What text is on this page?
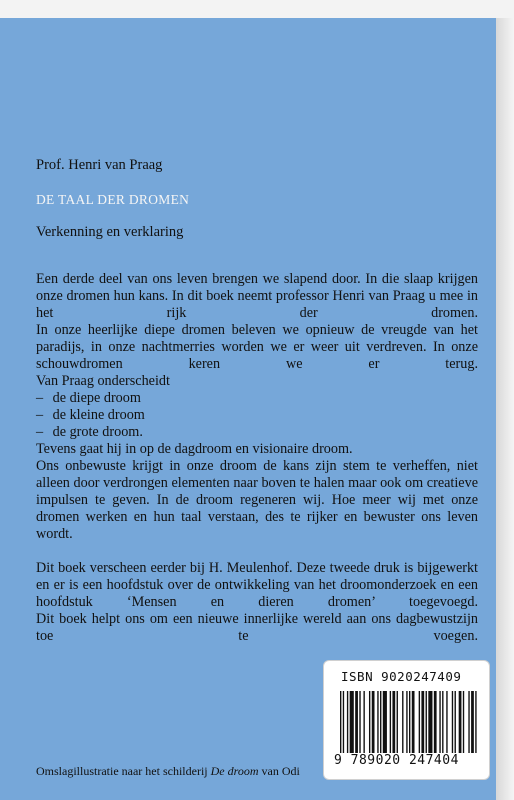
Prof. Henri van Praag
DE TAAL DER DROMEN
Verkenning en verklaring

Een derde deel van ons leven brengen we slapend door. In die slaap krijgen onze dromen hun kans. In dit boek neemt professor Henri van Praag u mee in het rijk der dromen.

In onze heerlijke diepe dromen beleven we opnieuw de vreugde van het paradijs, in onze nachtmerries worden we er weer uit verdreven. In onze schouwdromen keren we er terug.

Van Praag onderscheidt

– de diepe droom
– de kleine droom
– de grote droom.

Tevens gaat hij in op de dagdroom en visionaire droom.

Ons onbewuste krijgt in onze droom de kans zijn stem te verheffen, niet alleen door verdrongen elementen naar boven te halen maar ook om creatieve impulsen te geven. In de droom regeneren wij. Hoe meer wij met onze dromen werken en hun taal verstaan, des te rijker en bewuster ons leven wordt.

Dit boek verscheen eerder bij H. Meulenhof. Deze tweede druk is bijgewerkt en er is een hoofdstuk over de ontwikkeling van het droomonderzoek en een hoofdstuk ‘Mensen en dieren dromen’ toegevoegd.

Dit boek helpt ons om een nieuwe innerlijke wereld aan ons dagbewustzijn toe te voegen.

Omslagillustratie naar het schilderij De droom van Odi
ISBN 9020247409
9 789020 247404
